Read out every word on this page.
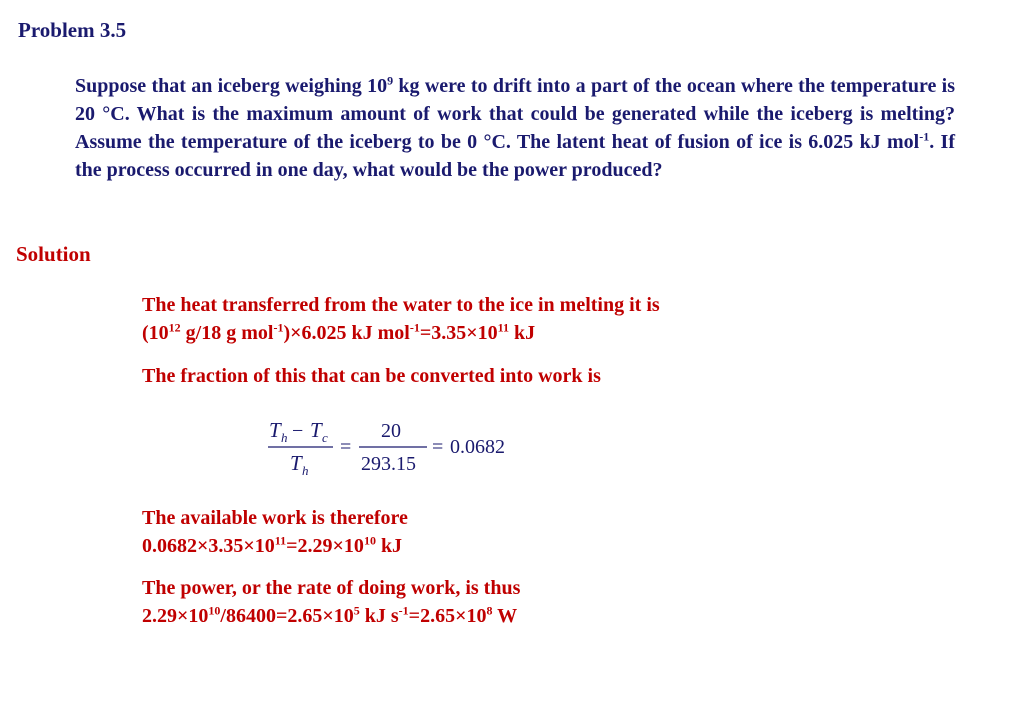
Problem 3.5

Suppose that an iceberg weighing $10^9$ kg were to drift into a part of the ocean where the temperature is 20 °C. What is the maximum amount of work that could be generated while the iceberg is melting? Assume the temperature of the iceberg to be 0 °C. The latent heat of fusion of ice is 6.025 kJ mol$^{-1}$. If the process occurred in one day, what would be the power produced?

Solution
The heat transferred from the water to the ice in melting it is
($10^{12}$ g/18 g mol$^{-1}$)×6.025 kJ $mol^{-1}=3.35\times 10^{11}$ kJ
The fraction of this that can be converted into work is
T h − T c
T h
=
20
293.15
= 0.0682
The available work is therefore
$0.0682\times 3.35\times 10^{11}=2.29\times 10^{10}$ kJ
The power, or the rate of doing work, is thus
$2.29\times 10^{10}/86400=2.65\times 10^5$ kJ $s^{-1}=2.65\times 10^8$ W
